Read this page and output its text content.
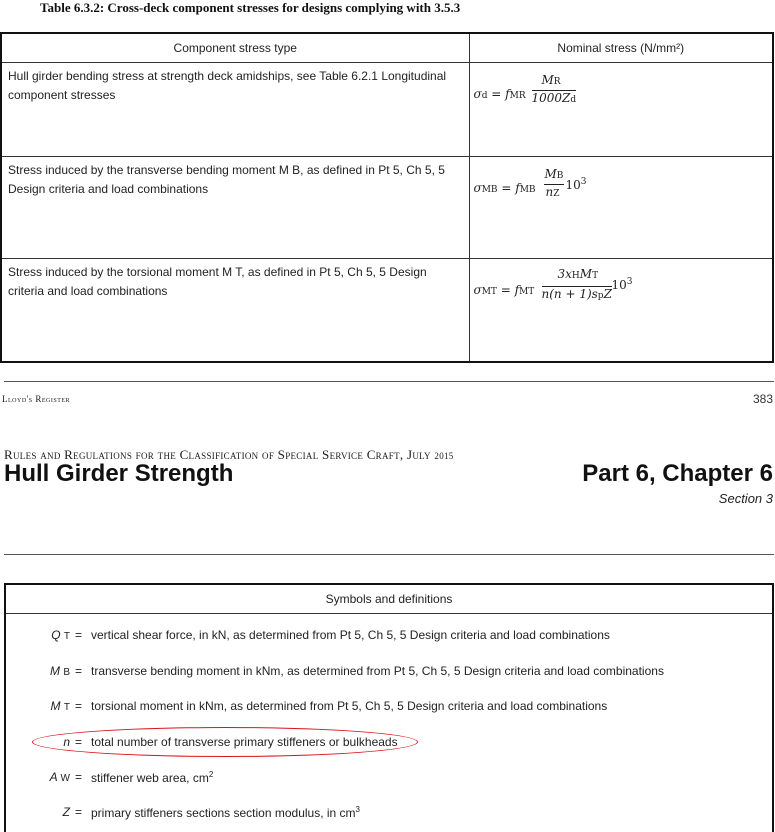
Table 6.3.2: Cross-deck component stresses for designs complying with 3.5.3
Component stress type	Nominal stress (N/mm²)
Hull girder bending stress at strength deck amidships, see Table 6.2.1 Longitudinal component stresses	σd = fMR
MR
1000Zd

Stress induced by the transverse bending moment M B, as defined in Pt 5, Ch 5, 5 Design criteria and load combinations	σMB = fMB
MB
nZ
$10^3$

Stress induced by the torsional moment M T, as defined in Pt 5, Ch 5, 5 Design criteria and load combinations	σMT = fMT
3xHMT
n(n + 1)spZ
$10^3$
Lloyd's Register	383
Rules and Regulations for the Classification of Special Service Craft, July 2015
Hull Girder Strength	Part 6, Chapter 6
Section 3
Symbols and definitions
Q T = vertical shear force, in kN, as determined from Pt 5, Ch 5, 5 Design criteria and load combinations
M B = transverse bending moment in kNm, as determined from Pt 5, Ch 5, 5 Design criteria and load combinations
M T = torsional moment in kNm, as determined from Pt 5, Ch 5, 5 Design criteria and load combinations
n = total number of transverse primary stiffeners or bulkheads
A W = stiffener web area, $cm^2$
Z = primary stiffeners sections section modulus, in $cm^3$
